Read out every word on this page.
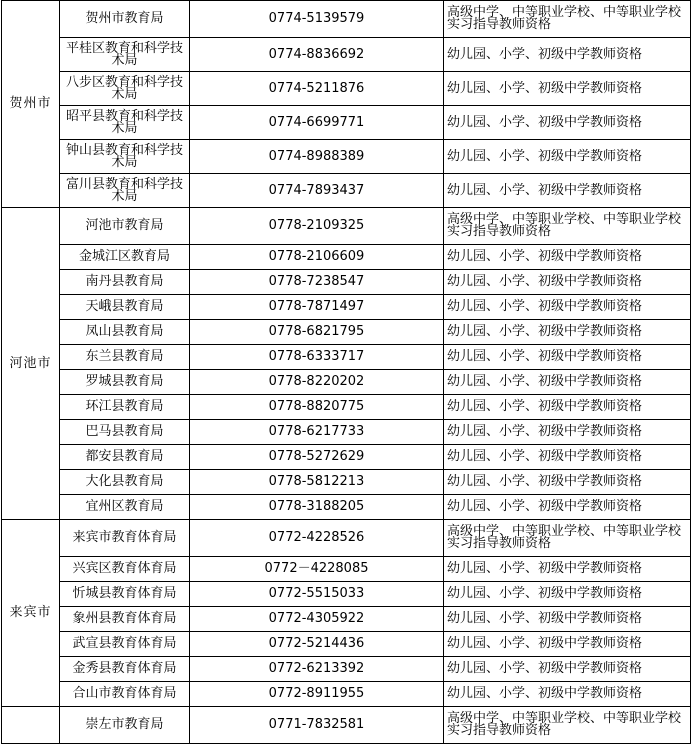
贺州市	贺州市教育局	0774-5139579	高级中学、中等职业学校、中等职业学校实习指导教师资格
	平桂区教育和科学技术局	0774-8836692	幼儿园、小学、初级中学教师资格
	八步区教育和科学技术局	0774-5211876	幼儿园、小学、初级中学教师资格
	昭平县教育和科学技术局	0774-6699771	幼儿园、小学、初级中学教师资格
	钟山县教育和科学技术局	0774-8988389	幼儿园、小学、初级中学教师资格
	富川县教育和科学技术局	0774-7893437	幼儿园、小学、初级中学教师资格
河池市	河池市教育局	0778-2109325	高级中学、中等职业学校、中等职业学校实习指导教师资格
	金城江区教育局	0778-2106609	幼儿园、小学、初级中学教师资格
	南丹县教育局	0778-7238547	幼儿园、小学、初级中学教师资格
	天峨县教育局	0778-7871497	幼儿园、小学、初级中学教师资格
	凤山县教育局	0778-6821795	幼儿园、小学、初级中学教师资格
	东兰县教育局	0778-6333717	幼儿园、小学、初级中学教师资格
	罗城县教育局	0778-8220202	幼儿园、小学、初级中学教师资格
	环江县教育局	0778-8820775	幼儿园、小学、初级中学教师资格
	巴马县教育局	0778-6217733	幼儿园、小学、初级中学教师资格
	都安县教育局	0778-5272629	幼儿园、小学、初级中学教师资格
	大化县教育局	0778-5812213	幼儿园、小学、初级中学教师资格
	宜州区教育局	0778-3188205	幼儿园、小学、初级中学教师资格
来宾市	来宾市教育体育局	0772-4228526	高级中学、中等职业学校、中等职业学校实习指导教师资格
	兴宾区教育体育局	0772－4228085	幼儿园、小学、初级中学教师资格
	忻城县教育体育局	0772-5515033	幼儿园、小学、初级中学教师资格
	象州县教育体育局	0772-4305922	幼儿园、小学、初级中学教师资格
	武宣县教育体育局	0772-5214436	幼儿园、小学、初级中学教师资格
	金秀县教育体育局	0772-6213392	幼儿园、小学、初级中学教师资格
	合山市教育体育局	0772-8911955	幼儿园、小学、初级中学教师资格
	崇左市教育局	0771-7832581	高级中学、中等职业学校、中等职业学校实习指导教师资格
